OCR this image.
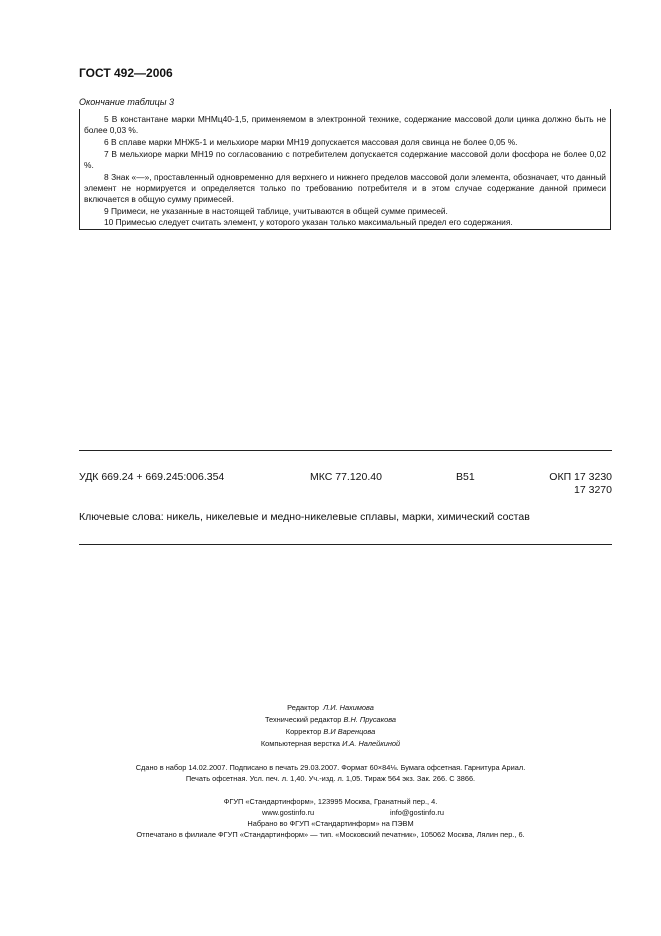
ГОСТ 492—2006
Окончание таблицы 3
5 В константане марки МНМц40-1,5, применяемом в электронной технике, содержание массовой доли цинка должно быть не более 0,03 %.
6 В сплаве марки МНЖ5-1 и мельхиоре марки МН19 допускается массовая доля свинца не более 0,05 %.
7 В мельхиоре марки МН19 по согласованию с потребителем допускается содержание массовой доли фосфора не более 0,02 %.
8 Знак «—», проставленный одновременно для верхнего и нижнего пределов массовой доли элемента, обозначает, что данный элемент не нормируется и определяется только по требованию потребителя и в этом случае содержание данной примеси включается в общую сумму примесей.
9 Примеси, не указанные в настоящей таблице, учитываются в общей сумме примесей.
10 Примесью следует считать элемент, у которого указан только максимальный предел его содержания.
УДК 669.24 + 669.245:006.354	МКС 77.120.40	В51	ОКП 17 3230
17 3270
Ключевые слова: никель, никелевые и медно-никелевые сплавы, марки, химический состав
Редактор Л.И. Нахимова
Технический редактор В.Н. Прусакова
Корректор В.И Варенцова
Компьютерная верстка И.А. Налейкиной
Сдано в набор 14.02.2007. Подписано в печать 29.03.2007. Формат 60×84⅛. Бумага офсетная. Гарнитура Ариал.
Печать офсетная. Усл. печ. л. 1,40. Уч.-изд. л. 1,05. Тираж 564 экз. Зак. 266. С 3866.
ФГУП «Стандартинформ», 123995 Москва, Гранатный пер., 4.
www.gostinfo.ru	info@gostinfo.ru
Набрано во ФГУП «Стандартинформ» на ПЭВМ
Отпечатано в филиале ФГУП «Стандартинформ» — тип. «Московский печатник», 105062 Москва, Лялин пер., 6.
